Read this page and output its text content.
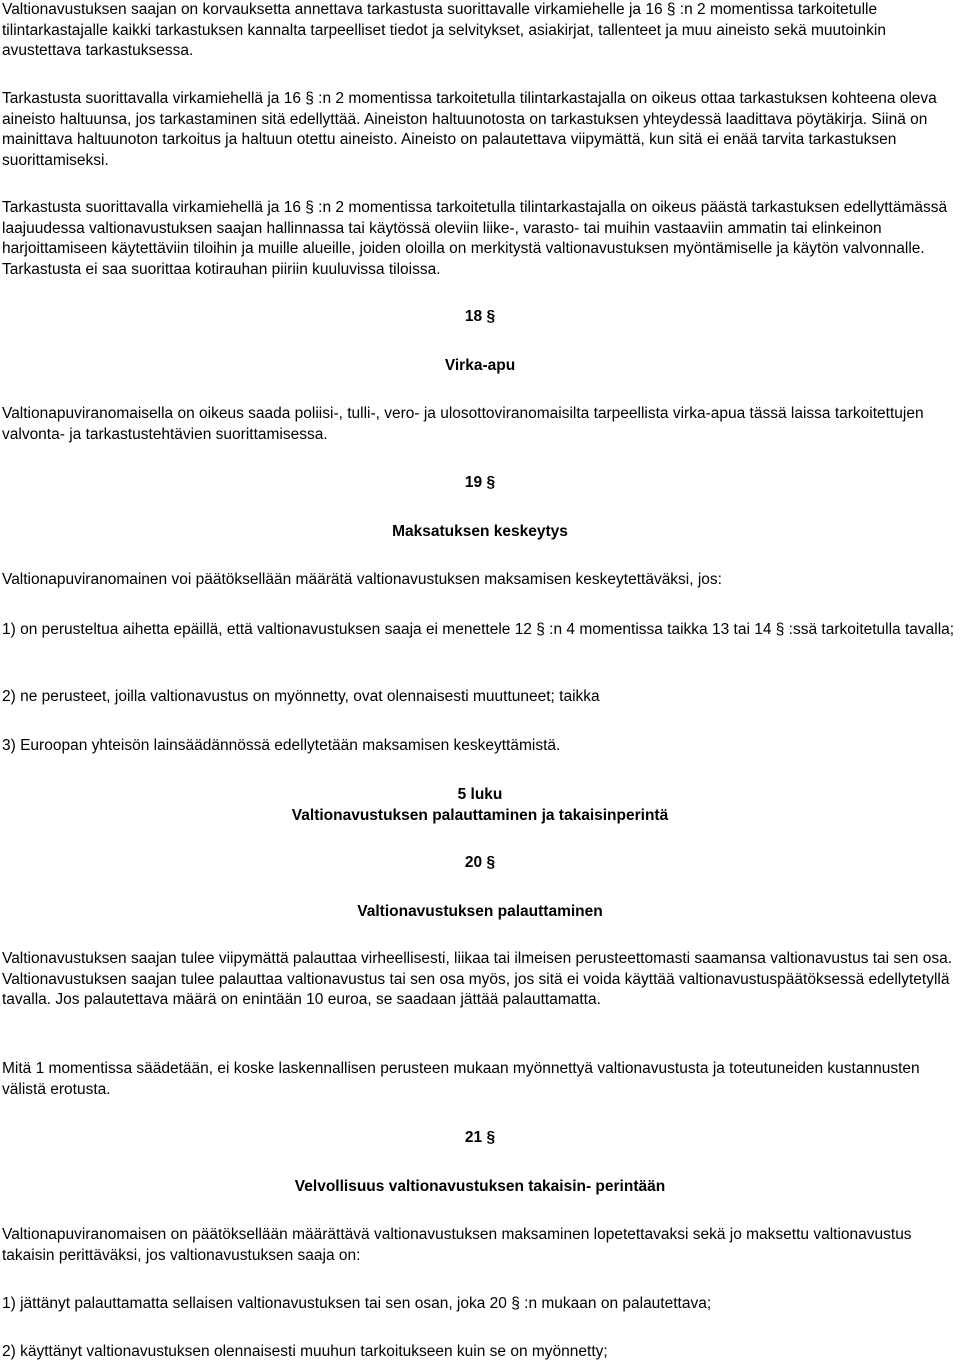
Valtionavustuksen saajan on korvauksetta annettava tarkastusta suorittavalle virkamiehelle ja 16 § :n 2 momentissa tarkoitetulle tilintarkastajalle kaikki tarkastuksen kannalta tarpeelliset tiedot ja selvitykset, asiakirjat, tallenteet ja muu aineisto sekä muutoinkin avustettava tarkastuksessa.

Tarkastusta suorittavalla virkamiehellä ja 16 § :n 2 momentissa tarkoitetulla tilintarkastajalla on oikeus ottaa tarkastuksen kohteena oleva aineisto haltuunsa, jos tarkastaminen sitä edellyttää. Aineiston haltuunotosta on tarkastuksen yhteydessä laadittava pöytäkirja. Siinä on mainittava haltuunoton tarkoitus ja haltuun otettu aineisto. Aineisto on palautettava viipymättä, kun sitä ei enää tarvita tarkastuksen suorittamiseksi.

Tarkastusta suorittavalla virkamiehellä ja 16 § :n 2 momentissa tarkoitetulla tilintarkastajalla on oikeus päästä tarkastuksen edellyttämässä laajuudessa valtionavustuksen saajan hallinnassa tai käytössä oleviin liike-, varasto- tai muihin vastaaviin ammatin tai elinkeinon harjoittamiseen käytettäviin tiloihin ja muille alueille, joiden oloilla on merkitystä valtionavustuksen myöntämiselle ja käytön valvonnalle. Tarkastusta ei saa suorittaa kotirauhan piiriin kuuluvissa tiloissa.

18 §

Virka-apu

Valtionapuviranomaisella on oikeus saada poliisi-, tulli-, vero- ja ulosottoviranomaisilta tarpeellista virka-apua tässä laissa tarkoitettujen valvonta- ja tarkastustehtävien suorittamisessa.

19 §

Maksatuksen keskeytys

Valtionapuviranomainen voi päätöksellään määrätä valtionavustuksen maksamisen keskeytettäväksi, jos:

1) on perusteltua aihetta epäillä, että valtionavustuksen saaja ei menettele 12 § :n 4 momentissa taikka 13 tai 14 § :ssä tarkoitetulla tavalla;

2) ne perusteet, joilla valtionavustus on myönnetty, ovat olennaisesti muuttuneet; taikka

3) Euroopan yhteisön lainsäädännössä edellytetään maksamisen keskeyttämistä.

5 luku

Valtionavustuksen palauttaminen ja takaisinperintä

20 §

Valtionavustuksen palauttaminen

Valtionavustuksen saajan tulee viipymättä palauttaa virheellisesti, liikaa tai ilmeisen perusteettomasti saamansa valtionavustus tai sen osa. Valtionavustuksen saajan tulee palauttaa valtionavustus tai sen osa myös, jos sitä ei voida käyttää valtionavustuspäätöksessä edellytetyllä tavalla. Jos palautettava määrä on enintään 10 euroa, se saadaan jättää palauttamatta.

Mitä 1 momentissa säädetään, ei koske laskennallisen perusteen mukaan myönnettyä valtionavustusta ja toteutuneiden kustannusten välistä erotusta.

21 §

Velvollisuus valtionavustuksen takaisin- perintään

Valtionapuviranomaisen on päätöksellään määrättävä valtionavustuksen maksaminen lopetettavaksi sekä jo maksettu valtionavustus takaisin perittäväksi, jos valtionavustuksen saaja on:

1) jättänyt palauttamatta sellaisen valtionavustuksen tai sen osan, joka 20 § :n mukaan on palautettava;

2) käyttänyt valtionavustuksen olennaisesti muuhun tarkoitukseen kuin se on myönnetty;
